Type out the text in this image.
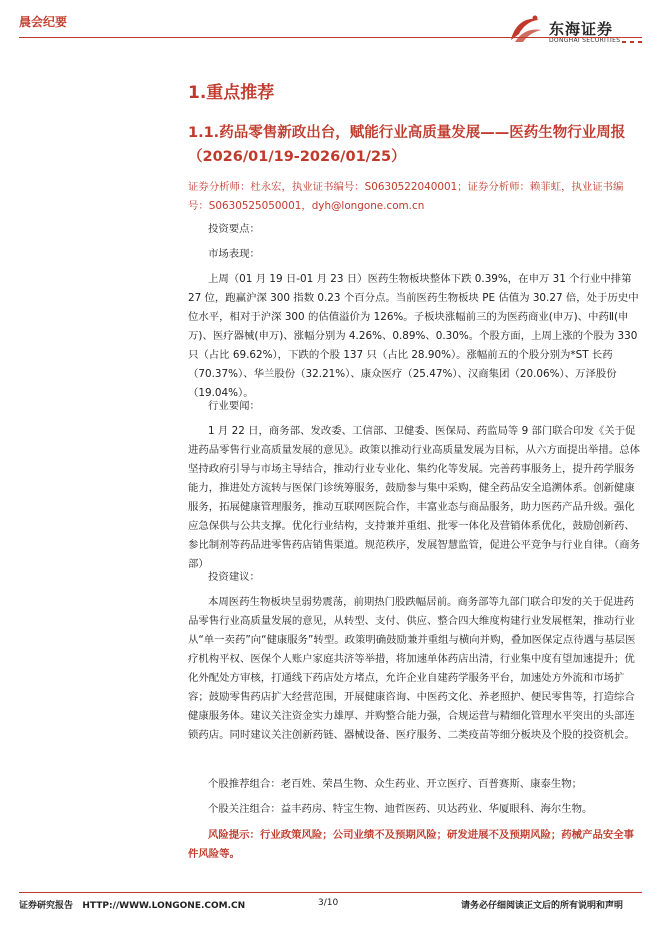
晨会纪要	东海证券
DONGHAI SECURITIES
1.重点推荐
1.1.药品零售新政出台，赋能行业高质量发展——医药生物行业周报（2026/01/19-2026/01/25）
证券分析师：杜永宏，执业证书编号：S0630522040001；证券分析师：赖菲虹，执业证书编号：S0630525050001，dyh@longone.com.cn

投资要点：

市场表现：

上周（01 月 19 日-01 月 23 日）医药生物板块整体下跌 0.39%，在申万 31 个行业中排第 27 位，跑赢沪深 300 指数 0.23 个百分点。当前医药生物板块 PE 估值为 30.27 倍，处于历史中位水平，相对于沪深 300 的估值溢价为 126%。子板块涨幅前三的为医药商业(申万)、中药Ⅱ(申万)、医疗器械(申万)、涨幅分别为 4.26%、0.89%、0.30%。个股方面，上周上涨的个股为 330 只（占比 69.62%），下跌的个股 137 只（占比 28.90%）。涨幅前五的个股分别为*ST 长药（70.37%）、华兰股份（32.21%）、康众医疗（25.47%）、汉商集团（20.06%）、万泽股份（19.04%）。

行业要闻：

1 月 22 日，商务部、发改委、工信部、卫健委、医保局、药监局等 9 部门联合印发《关于促进药品零售行业高质量发展的意见》。政策以推动行业高质量发展为目标，从六方面提出举措。总体坚持政府引导与市场主导结合，推动行业专业化、集约化等发展。完善药事服务上，提升药学服务能力，推进处方流转与医保门诊统筹服务，鼓励参与集中采购，健全药品安全追溯体系。创新健康服务，拓展健康管理服务，推动互联网医院合作，丰富业态与商品服务，助力医药产品升级。强化应急保供与公共支撑。优化行业结构，支持兼并重组、批零一体化及营销体系优化，鼓励创新药、参比制剂等药品进零售药店销售渠道。规范秩序，发展智慧监管，促进公平竞争与行业自律。（商务部）

投资建议：

本周医药生物板块呈弱势震荡，前期热门股跌幅居前。商务部等九部门联合印发的关于促进药品零售行业高质量发展的意见，从转型、支付、供应、整合四大维度构建行业发展框架，推动行业从“单一卖药”向“健康服务”转型。政策明确鼓励兼并重组与横向并购，叠加医保定点待遇与基层医疗机构平权、医保个人账户家庭共济等举措，将加速单体药店出清，行业集中度有望加速提升；优化外配处方审核，打通线下药店处方堵点，允许企业自建药学服务平台，加速处方外流和市场扩容；鼓励零售药店扩大经营范围，开展健康咨询、中医药文化、养老照护、便民零售等，打造综合健康服务体。建议关注资金实力雄厚、并购整合能力强，合规运营与精细化管理水平突出的头部连锁药店。同时建议关注创新药链、器械设备、医疗服务、二类疫苗等细分板块及个股的投资机会。

个股推荐组合：老百姓、荣昌生物、众生药业、开立医疗、百普赛斯、康泰生物；

个股关注组合：益丰药房、特宝生物、迪哲医药、贝达药业、华厦眼科、海尔生物。

风险提示：行业政策风险；公司业绩不及预期风险；研发进展不及预期风险；药械产品安全事件风险等。
证券研究报告   HTTP://WWW.LONGONE.COM.CN	3/10	请务必仔细阅读正文后的所有说明和声明
